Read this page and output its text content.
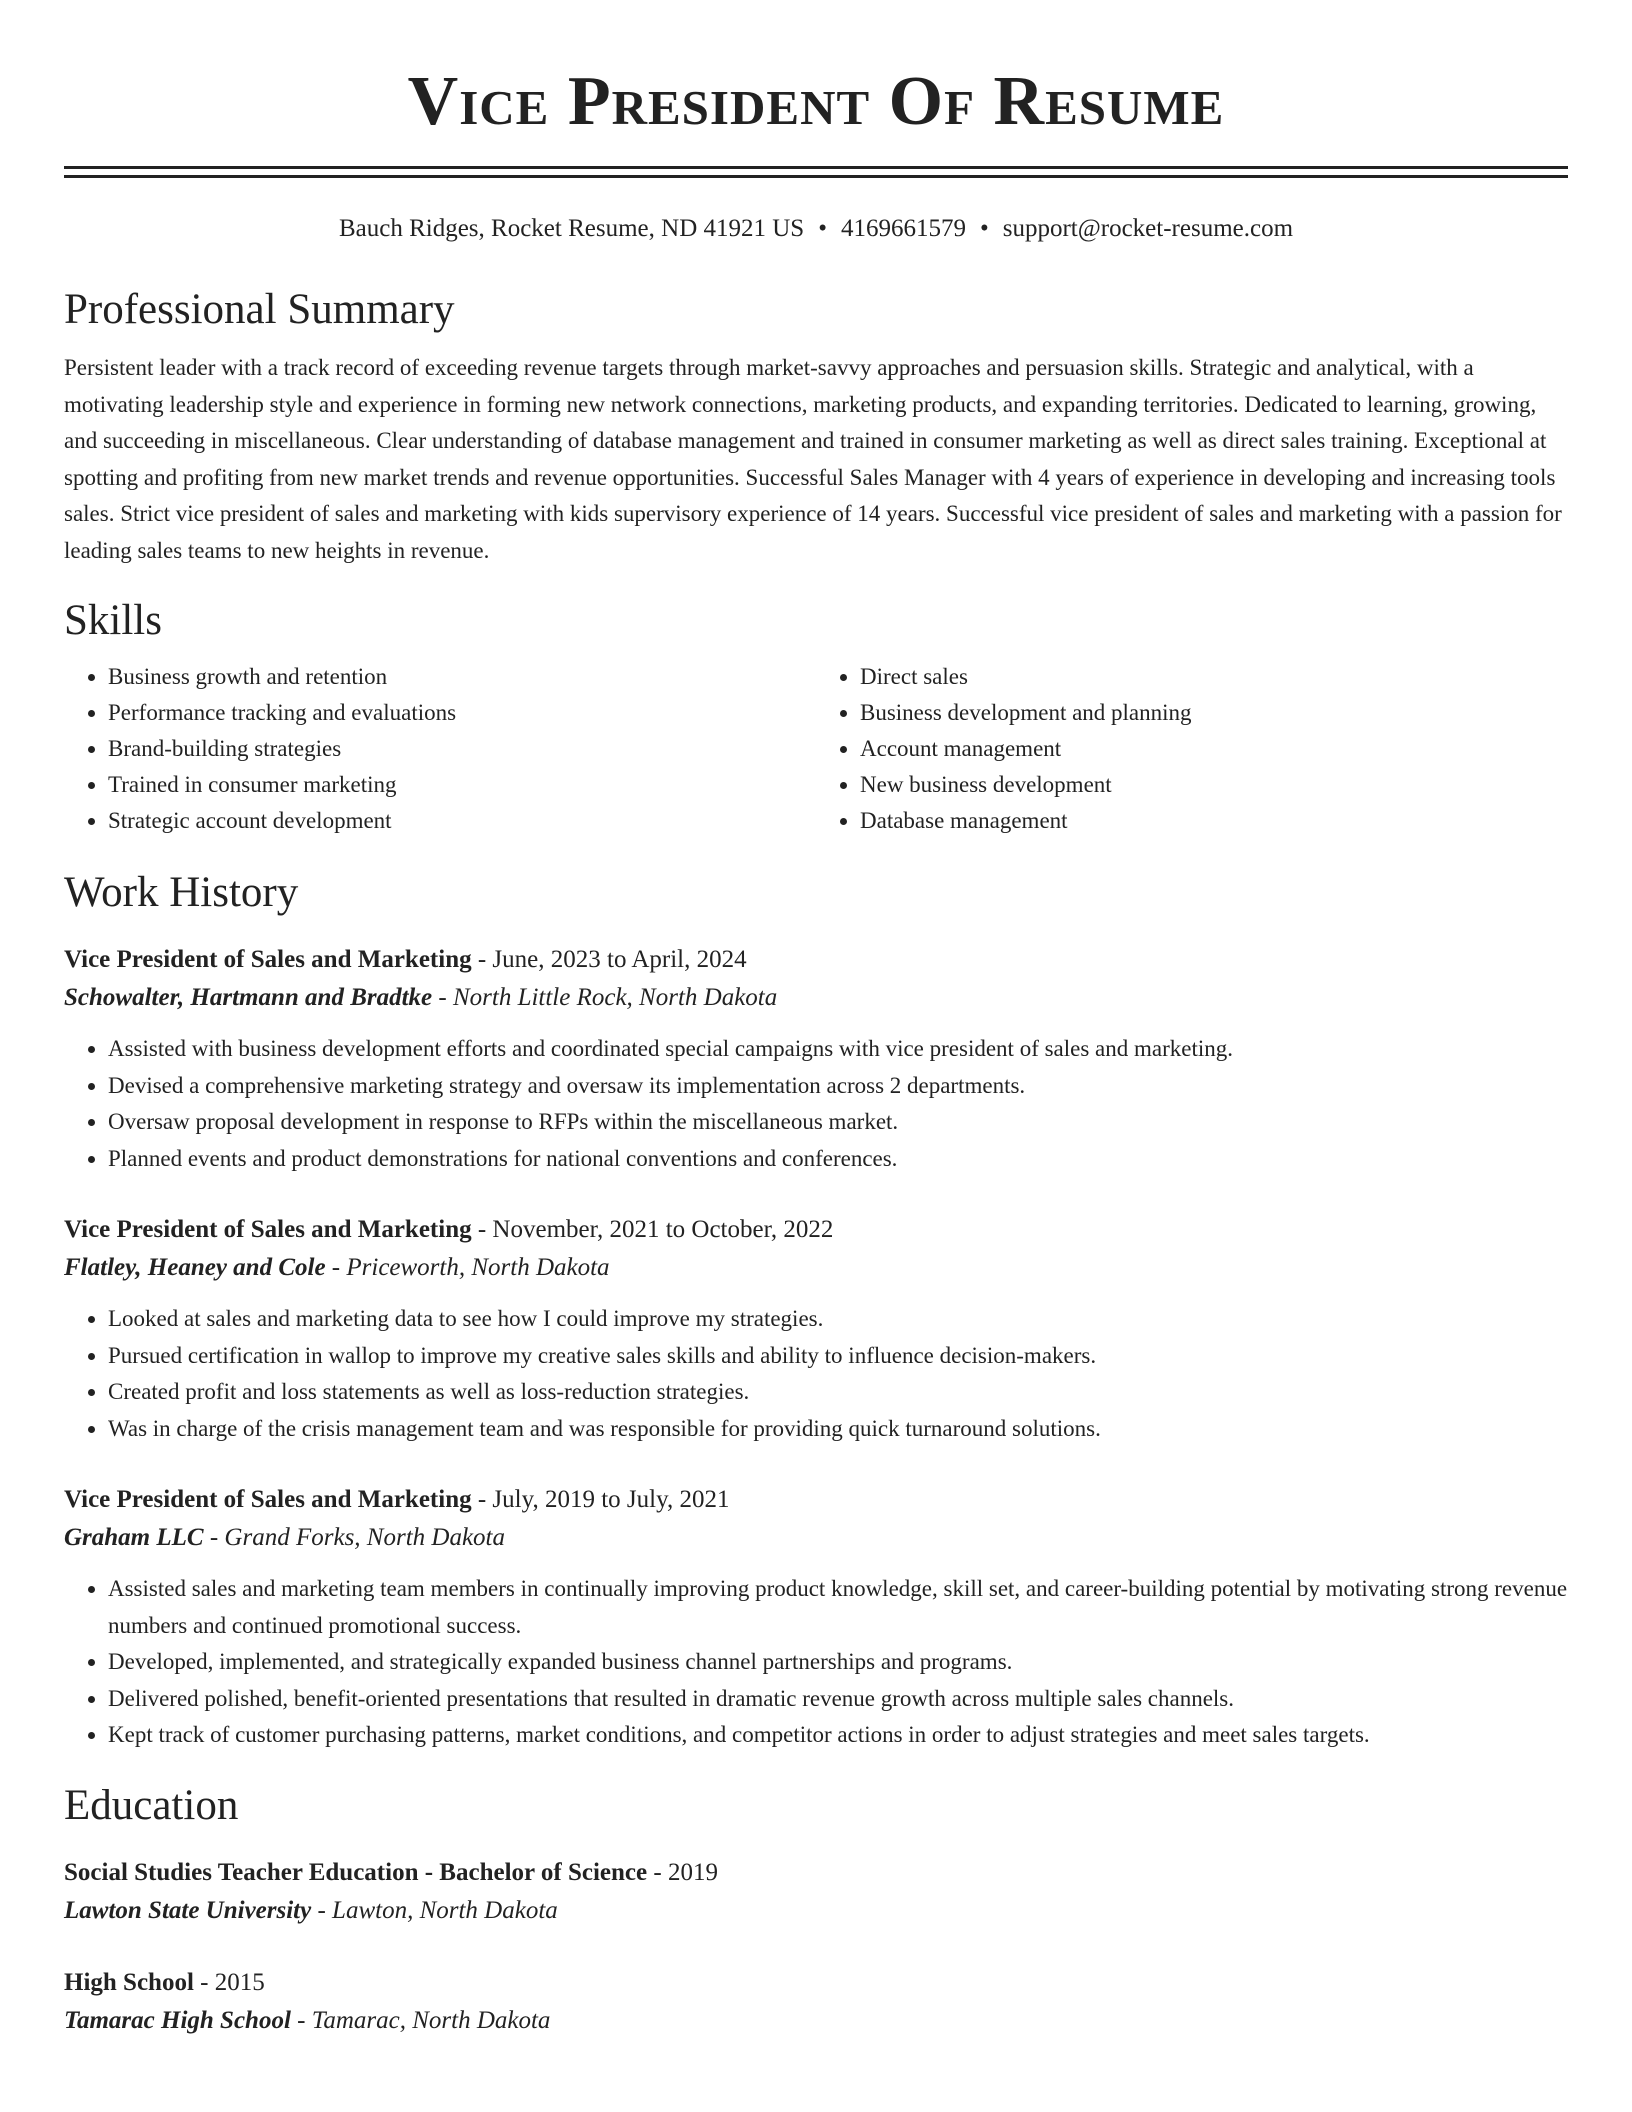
Vice President Of Resume
Bauch Ridges, Rocket Resume, ND 41921 US • 4169661579 • support@rocket-resume.com
Professional Summary

Persistent leader with a track record of exceeding revenue targets through market-savvy approaches and persuasion skills. Strategic and analytical, with a motivating leadership style and experience in forming new network connections, marketing products, and expanding territories. Dedicated to learning, growing, and succeeding in miscellaneous. Clear understanding of database management and trained in consumer marketing as well as direct sales training. Exceptional at spotting and profiting from new market trends and revenue opportunities. Successful Sales Manager with 4 years of experience in developing and increasing tools sales. Strict vice president of sales and marketing with kids supervisory experience of 14 years. Successful vice president of sales and marketing with a passion for leading sales teams to new heights in revenue.

Skills
• Business growth and retention
• Performance tracking and evaluations
• Brand-building strategies
• Trained in consumer marketing
• Strategic account development
• Direct sales
• Business development and planning
• Account management
• New business development
• Database management
Work History
Vice President of Sales and Marketing - June, 2023 to April, 2024
Schowalter, Hartmann and Bradtke - North Little Rock, North Dakota
• Assisted with business development efforts and coordinated special campaigns with vice president of sales and marketing.
• Devised a comprehensive marketing strategy and oversaw its implementation across 2 departments.
• Oversaw proposal development in response to RFPs within the miscellaneous market.
• Planned events and product demonstrations for national conventions and conferences.
Vice President of Sales and Marketing - November, 2021 to October, 2022
Flatley, Heaney and Cole - Priceworth, North Dakota
• Looked at sales and marketing data to see how I could improve my strategies.
• Pursued certification in wallop to improve my creative sales skills and ability to influence decision-makers.
• Created profit and loss statements as well as loss-reduction strategies.
• Was in charge of the crisis management team and was responsible for providing quick turnaround solutions.
Vice President of Sales and Marketing - July, 2019 to July, 2021
Graham LLC - Grand Forks, North Dakota
• Assisted sales and marketing team members in continually improving product knowledge, skill set, and career-building potential by motivating strong revenue numbers and continued promotional success.
• Developed, implemented, and strategically expanded business channel partnerships and programs.
• Delivered polished, benefit-oriented presentations that resulted in dramatic revenue growth across multiple sales channels.
• Kept track of customer purchasing patterns, market conditions, and competitor actions in order to adjust strategies and meet sales targets.
Education
Social Studies Teacher Education - Bachelor of Science - 2019
Lawton State University - Lawton, North Dakota
High School - 2015
Tamarac High School - Tamarac, North Dakota
